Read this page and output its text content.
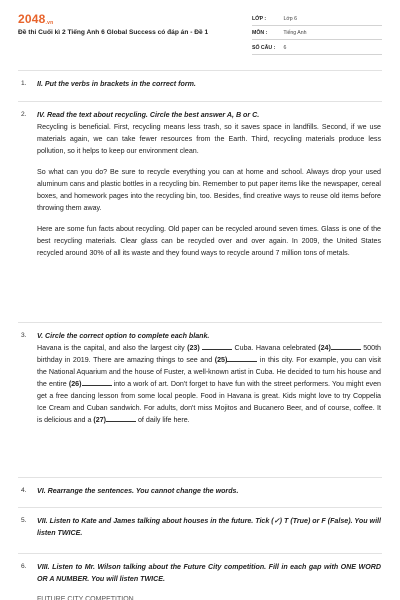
2048.vn
Đề thi Cuối kì 2 Tiếng Anh 6 Global Success có đáp án - Đề 1
LỚP :	Lớp 6
MÔN :	Tiếng Anh
SỐ CÂU : 6
1. II. Put the verbs in brackets in the correct form.
2. IV. Read the text about recycling. Circle the best answer A, B or C.
Recycling is beneficial. First, recycling means less trash, so it saves space in landfills. Second, if we use materials again, we can take fewer resources from the Earth. Third, recycling materials produce less pollution, so it helps to keep our environment clean.
So what can you do? Be sure to recycle everything you can at home and school. Always drop your used aluminum cans and plastic bottles in a recycling bin. Remember to put paper items like the newspaper, cereal boxes, and homework pages into the recycling bin, too. Besides, find creative ways to reuse old items before throwing them away.
Here are some fun facts about recycling. Old paper can be recycled around seven times. Glass is one of the best recycling materials. Clear glass can be recycled over and over again. In 2009, the United States recycled around 30% of all its waste and they found ways to recycle around 7 million tons of metals.
3. V. Circle the correct option to complete each blank.
Havana is the capital, and also the largest city (23)	Cuba. Havana celebrated (24)	500th birthday in 2019. There are amazing things to see and (25)	in this city. For example, you can visit the National Aquarium and the house of Fuster, a well-known artist in Cuba. He decided to turn his house and the entire (26)	into a work of art. Don't forget to have fun with the street performers. You might even get a free dancing lesson from some local people. Food in Havana is great. Kids might love to try Coppelia Ice Cream and Cuban sandwich. For adults, don't miss Mojitos and Bucanero Beer, and of course, coffee. It is delicious and a (27)	of daily life here.
4. VI. Rearrange the sentences. You cannot change the words.
5. VII. Listen to Kate and James talking about houses in the future. Tick (✓) T (True) or F (False). You will listen TWICE.
6. VIII. Listen to Mr. Wilson talking about the Future City competition. Fill in each gap with ONE WORD OR A NUMBER. You will listen TWICE.
FUTURE CITY COMPETITION
